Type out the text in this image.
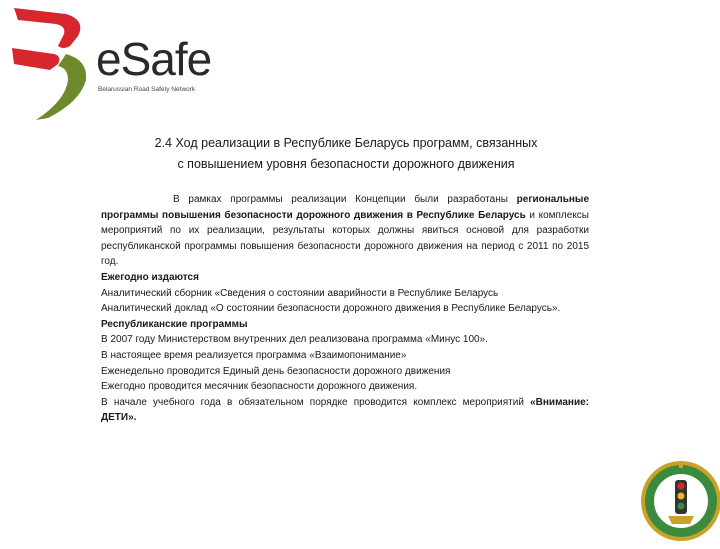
eSafe
Belarussian Road Safety Network
2.4 Ход реализации в Республике Беларусь программ, связанных
с повышением уровня безопасности дорожного движения

В рамках программы реализации Концепции были разработаны региональные программы повышения безопасности дорожного движения в Республике Беларусь и комплексы мероприятий по их реализации, результаты которых должны явиться основой для разработки республиканской программы повышения безопасности дорожного движения на период с 2011 по 2015 год.

Ежегодно издаются

Аналитический сборник «Сведения о состоянии аварийности в Республике Беларусь

Аналитический доклад «О состоянии безопасности дорожного движения в Республике Беларусь».

Республиканские программы

В 2007 году Министерством внутренних дел реализована программа «Минус 100».

В настоящее время реализуется программа «Взаимопонимание»

Еженедельно проводится Единый день безопасности дорожного движения

Ежегодно проводится месячник безопасности дорожного движения.

В начале учебного года в обязательном порядке проводится комплекс мероприятий «Внимание: ДЕТИ».
